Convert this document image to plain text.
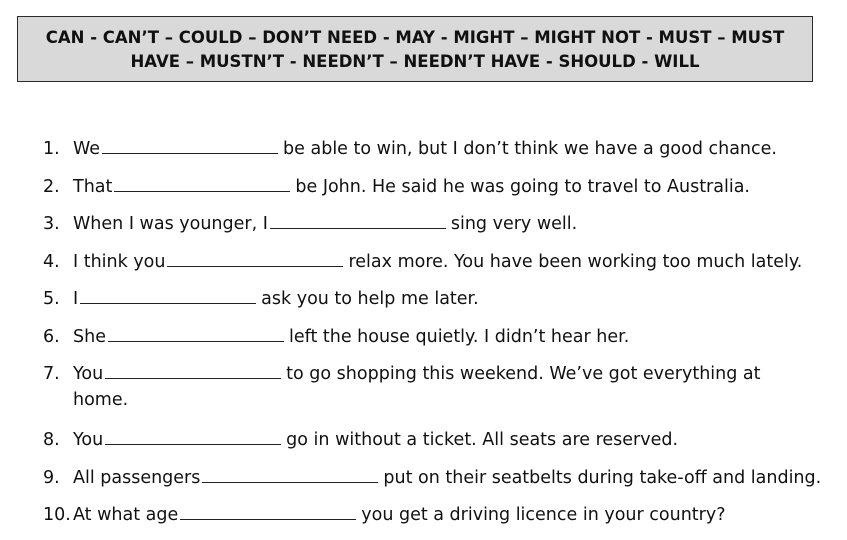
CAN - CAN’T – COULD – DON’T NEED - MAY - MIGHT – MIGHT NOT - MUST – MUST
HAVE – MUSTN’T - NEEDN’T – NEEDN’T HAVE - SHOULD - WILL
1. We	be able to win, but I don’t think we have a good chance.
2. That	be John. He said he was going to travel to Australia.
3. When I was younger, I	sing very well.
4. I think you	relax more. You have been working too much lately.
5. I	ask you to help me later.
6. She	left the house quietly. I didn’t hear her.
7. You	to go shopping this weekend. We’ve got everything at
home.
8. You	go in without a ticket. All seats are reserved.
9. All passengers	put on their seatbelts during take-off and landing.
10. At what age	you get a driving licence in your country?
